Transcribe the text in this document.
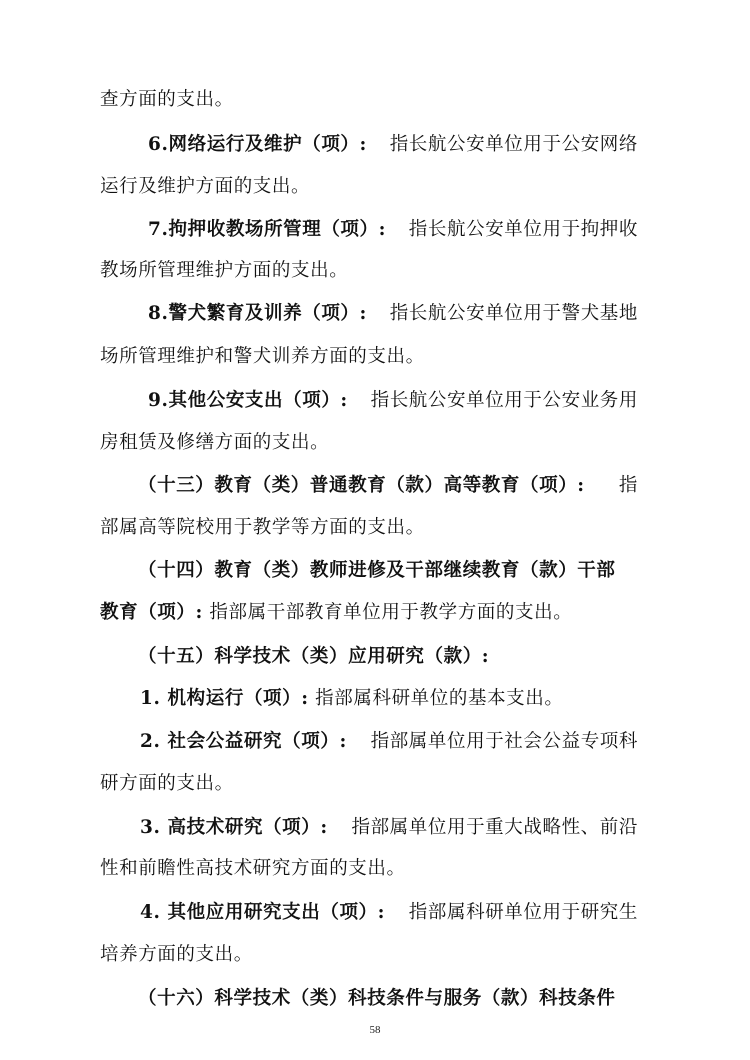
查方面的支出。
6.网络运行及维护（项）: 指长航公安单位用于公安网络
运行及维护方面的支出。
7.拘押收教场所管理（项）: 指长航公安单位用于拘押收
教场所管理维护方面的支出。
8.警犬繁育及训养（项）: 指长航公安单位用于警犬基地
场所管理维护和警犬训养方面的支出。
9.其他公安支出（项）: 指长航公安单位用于公安业务用
房租赁及修缮方面的支出。
（十三）教育（类）普通教育（款）高等教育（项）: 指
部属高等院校用于教学等方面的支出。
（十四）教育（类）教师进修及干部继续教育（款）干部
教育（项）: 指部属干部教育单位用于教学方面的支出。
（十五）科学技术（类）应用研究（款）:
1. 机构运行（项）: 指部属科研单位的基本支出。
2. 社会公益研究（项）: 指部属单位用于社会公益专项科
研方面的支出。
3. 高技术研究（项）: 指部属单位用于重大战略性、前沿
性和前瞻性高技术研究方面的支出。
4. 其他应用研究支出（项）: 指部属科研单位用于研究生
培养方面的支出。
（十六）科学技术（类）科技条件与服务（款）科技条件
58
